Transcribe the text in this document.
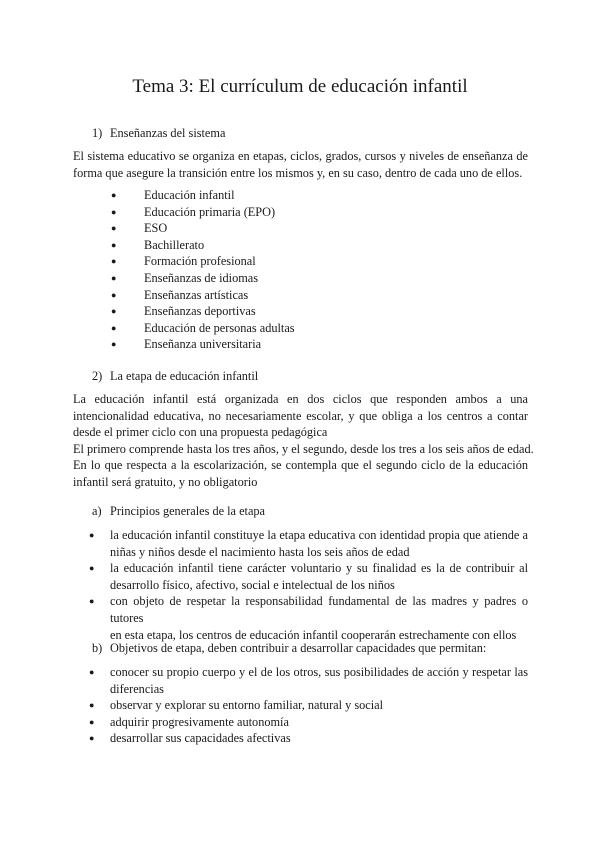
Tema 3: El currículum de educación infantil
1) Enseñanzas del sistema
El sistema educativo se organiza en etapas, ciclos, grados, cursos y niveles de enseñanza de
forma que asegure la transición entre los mismos y, en su caso, dentro de cada uno de ellos.
●	Educación infantil
●	Educación primaria (EPO)
●	ESO
●	Bachillerato
●	Formación profesional
●	Enseñanzas de idiomas
●	Enseñanzas artísticas
●	Enseñanzas deportivas
●	Educación de personas adultas
●	Enseñanza universitaria
2) La etapa de educación infantil
La educación infantil está organizada en dos ciclos que responden ambos a una
intencionalidad educativa, no necesariamente escolar, y que obliga a los centros a contar
desde el primer ciclo con una propuesta pedagógica
El primero comprende hasta los tres años, y el segundo, desde los tres a los seis años de edad.
En lo que respecta a la escolarización, se contempla que el segundo ciclo de la educación
infantil será gratuito, y no obligatorio
a) Principios generales de la etapa
●	la educación infantil constituye la etapa educativa con identidad propia que atiende a
niñas y niños desde el nacimiento hasta los seis años de edad
●	la educación infantil tiene carácter voluntario y su finalidad es la de contribuir al
desarrollo físico, afectivo, social e intelectual de los niños
●	con objeto de respetar la responsabilidad fundamental de las madres y padres o tutores
en esta etapa, los centros de educación infantil cooperarán estrechamente con ellos
b) Objetivos de etapa, deben contribuir a desarrollar capacidades que permitan:
●	conocer su propio cuerpo y el de los otros, sus posibilidades de acción y respetar las
diferencias
●	observar y explorar su entorno familiar, natural y social
●	adquirir progresivamente autonomía
●	desarrollar sus capacidades afectivas
